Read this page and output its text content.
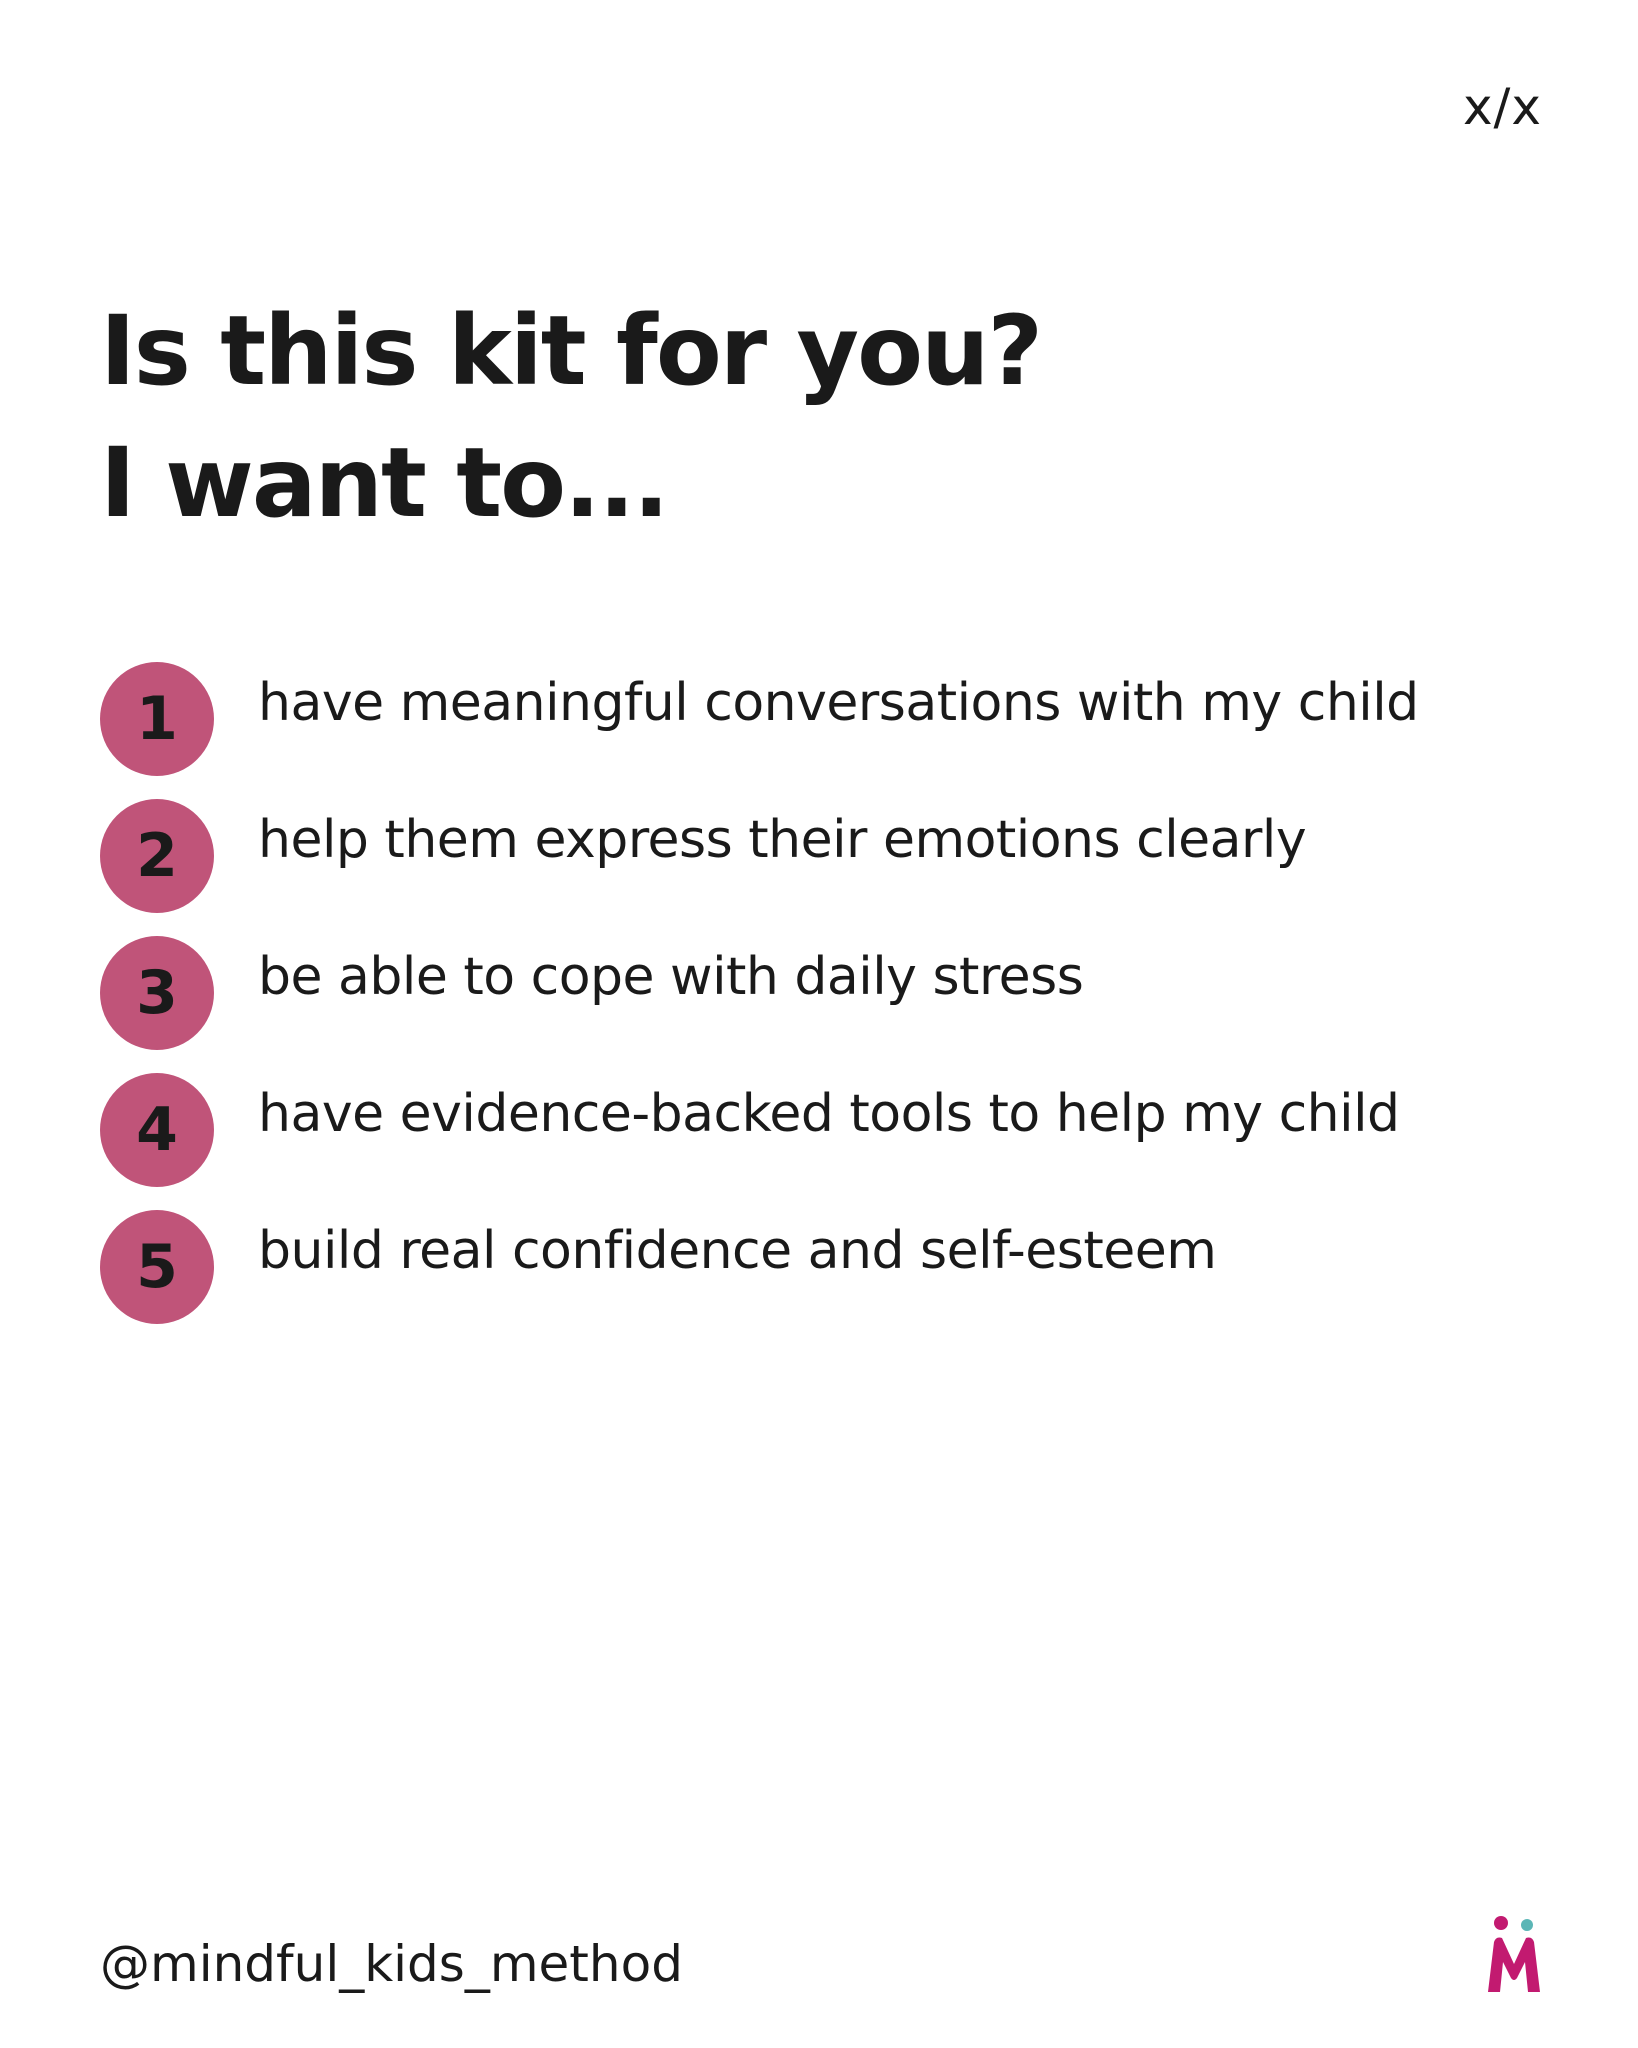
x/x
Is this kit for you?
I want to...
1	have meaningful conversations with my child
2	help them express their emotions clearly
3	be able to cope with daily stress
4	have evidence-backed tools to help my child
5	build real confidence and self-esteem
@mindful_kids_method
